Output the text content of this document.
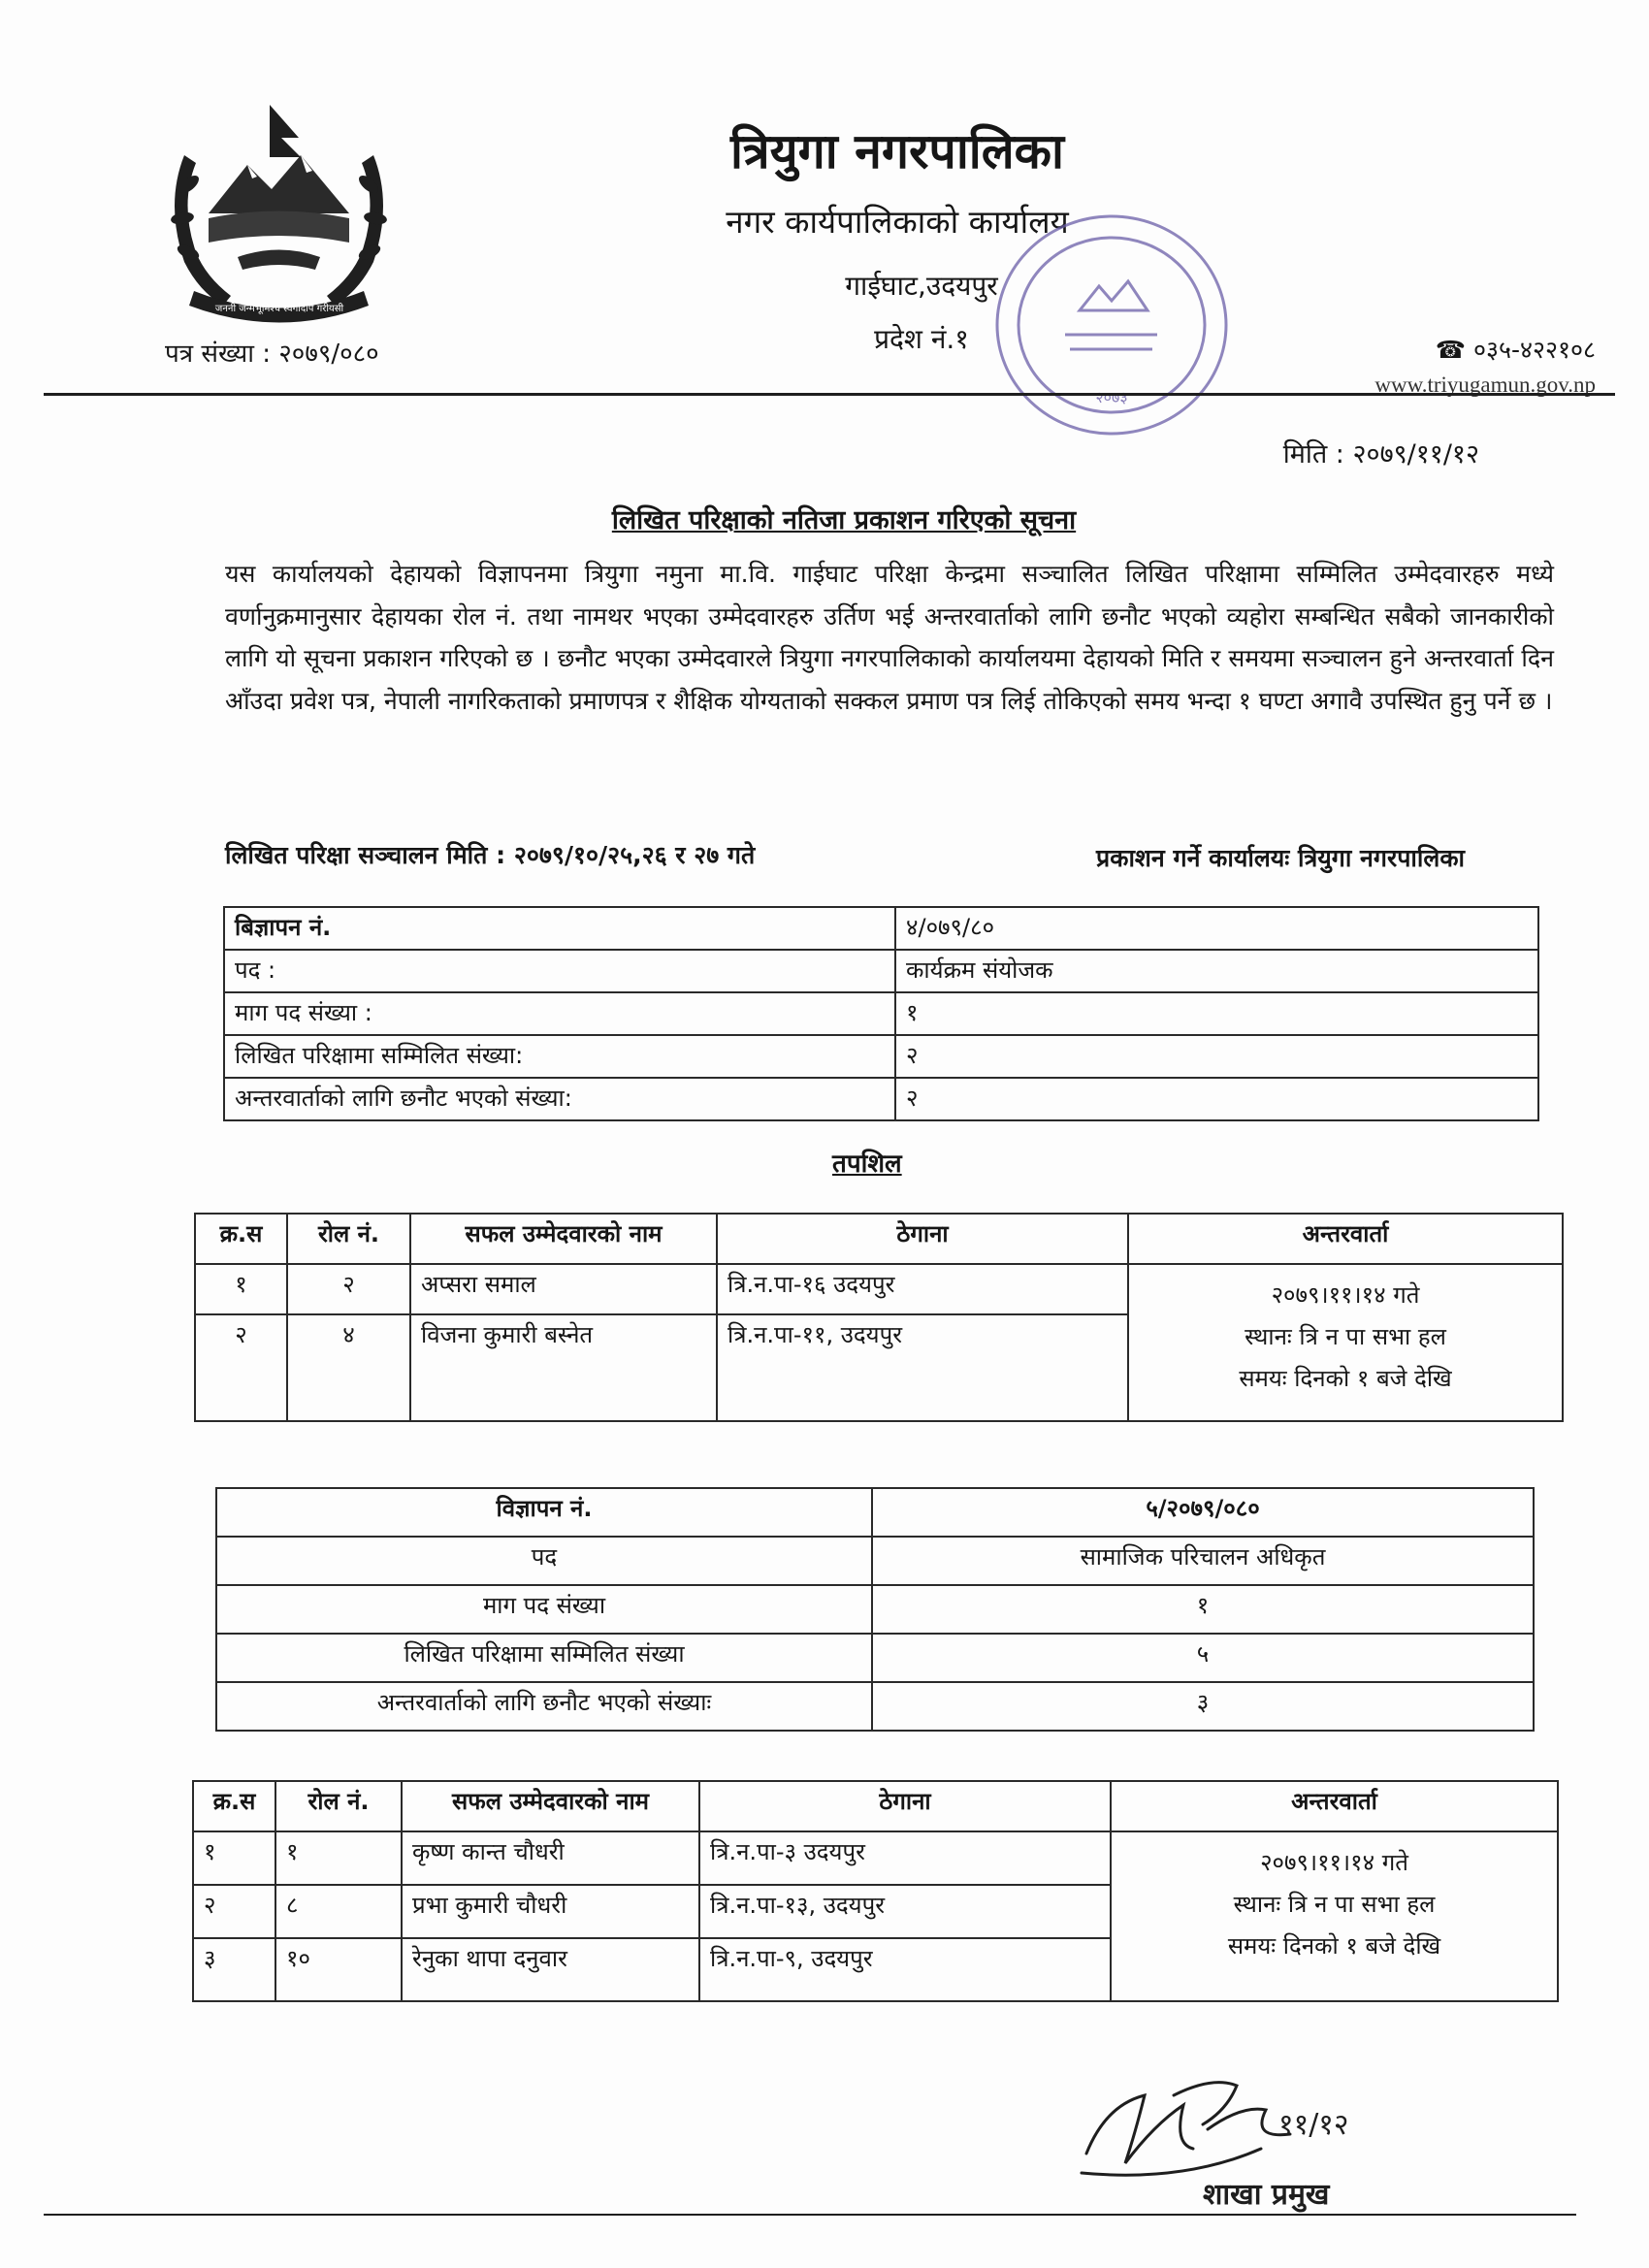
जननी जन्मभूमिश्च स्वर्गादपि गरीयसी
त्रियुगा नगरपालिका
नगर कार्यपालिकाको कार्यालय
गाईघाट,उदयपुर
प्रदेश नं.१
२०७३
पत्र संख्या : २०७९/०८०	☎ ०३५-४२२१०८
www.triyugamun.gov.np
मिति : २०७९/११/१२
लिखित परिक्षाको नतिजा प्रकाशन गरिएको सूचना
यस कार्यालयको देहायको विज्ञापनमा त्रियुगा नमुना मा.वि. गाईघाट परिक्षा केन्द्रमा सञ्चालित लिखित परिक्षामा सम्मिलित उम्मेदवारहरु मध्ये वर्णानुक्रमानुसार देहायका रोल नं. तथा नामथर भएका उम्मेदवारहरु उर्तिण भई अन्तरवार्ताको लागि छनौट भएको व्यहोरा सम्बन्धित सबैको जानकारीको लागि यो सूचना प्रकाशन गरिएको छ । छनौट भएका उम्मेदवारले त्रियुगा नगरपालिकाको कार्यालयमा देहायको मिति र समयमा सञ्चालन हुने अन्तरवार्ता दिन आँउदा प्रवेश पत्र, नेपाली नागरिकताको प्रमाणपत्र र शैक्षिक योग्यताको सक्कल प्रमाण पत्र लिई तोकिएको समय भन्दा १ घण्टा अगावै उपस्थित हुनु पर्ने छ ।
लिखित परिक्षा सञ्चालन मिति : २०७९/१०/२५,२६ र २७ गते	प्रकाशन गर्ने कार्यालयः त्रियुगा नगरपालिका
बिज्ञापन नं.	४/०७९/८०
पद :	कार्यक्रम संयोजक
माग पद संख्या :	१
लिखित परिक्षामा सम्मिलित संख्या:	२
अन्तरवार्ताको लागि छनौट भएको संख्या:	२
तपशिल
क्र.स	रोल नं.	सफल उम्मेदवारको नाम	ठेगाना	अन्तरवार्ता
१	२	अप्सरा समाल	त्रि.न.पा-१६ उदयपुर	२०७९।११।१४ गते
स्थानः त्रि न पा सभा हल
समयः दिनको १ बजे देखि

२	४	विजना कुमारी बस्नेत	त्रि.न.पा-११, उदयपुर	
विज्ञापन नं.	५/२०७९/०८०
पद	सामाजिक परिचालन अधिकृत
माग पद संख्या	१
लिखित परिक्षामा सम्मिलित संख्या	५
अन्तरवार्ताको लागि छनौट भएको संख्याः	३
क्र.स	रोल नं.	सफल उम्मेदवारको नाम	ठेगाना	अन्तरवार्ता
१	१	कृष्ण कान्त चौधरी	त्रि.न.पा-३ उदयपुर	२०७९।११।१४ गते
स्थानः त्रि न पा सभा हल
समयः दिनको १ बजे देखि

२	८	प्रभा कुमारी चौधरी	त्रि.न.पा-१३, उदयपुर	
३	१०	रेनुका थापा दनुवार	त्रि.न.पा-९, उदयपुर	
११/१२
शाखा प्रमुख
